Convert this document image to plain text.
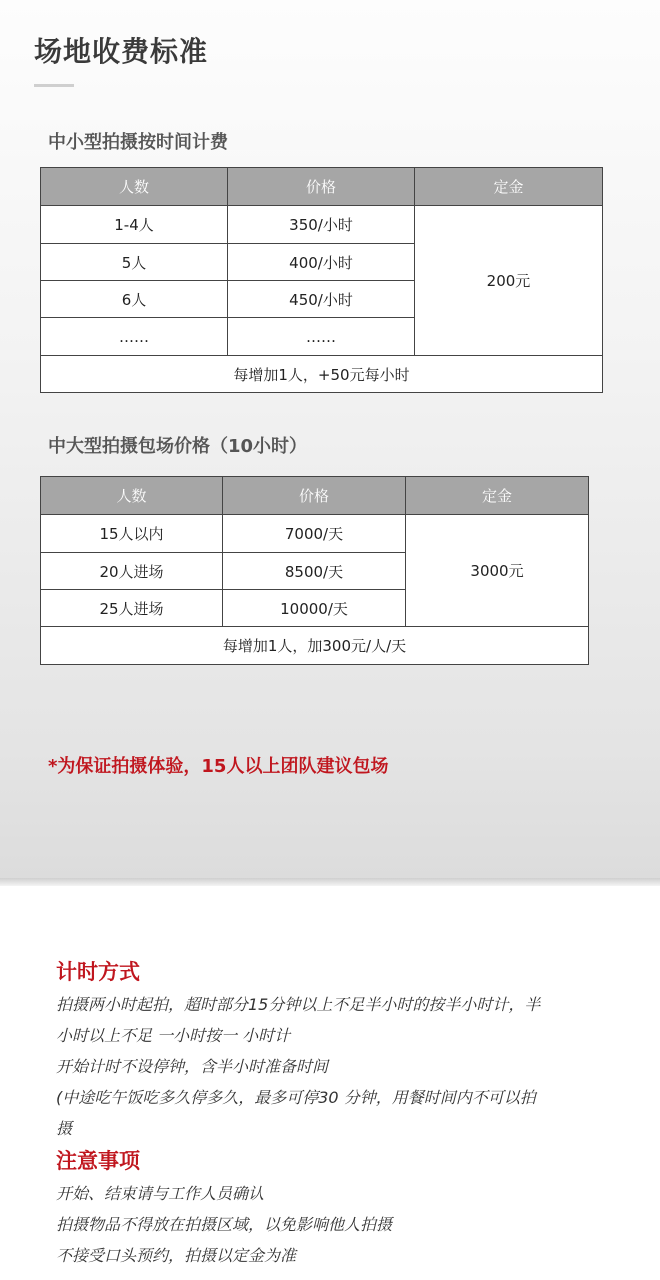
场地收费标准
中小型拍摄按时间计费
人数	价格	定金
1-4人	350/小时	200元
5人	400/小时	
6人	450/小时	
……	……	
每增加1人，+50元每小时		
中大型拍摄包场价格（10小时）
人数	价格	定金
15人以内	7000/天	3000元
20人进场	8500/天	
25人进场	10000/天	
每增加1人，加300元/人/天		
*为保证拍摄体验，15人以上团队建议包场

计时方式

拍摄两小时起拍，超时部分15分钟以上不足半小时的按半小时计，半

小时以上不足 一小时按一 小时计

开始计时不设停钟，含半小时准备时间

(中途吃午饭吃多久停多久，最多可停30 分钟，用餐时间内不可以拍

摄

注意事项

开始、结束请与工作人员确认

拍摄物品不得放在拍摄区域，以免影响他人拍摄

不接受口头预约，拍摄以定金为准
